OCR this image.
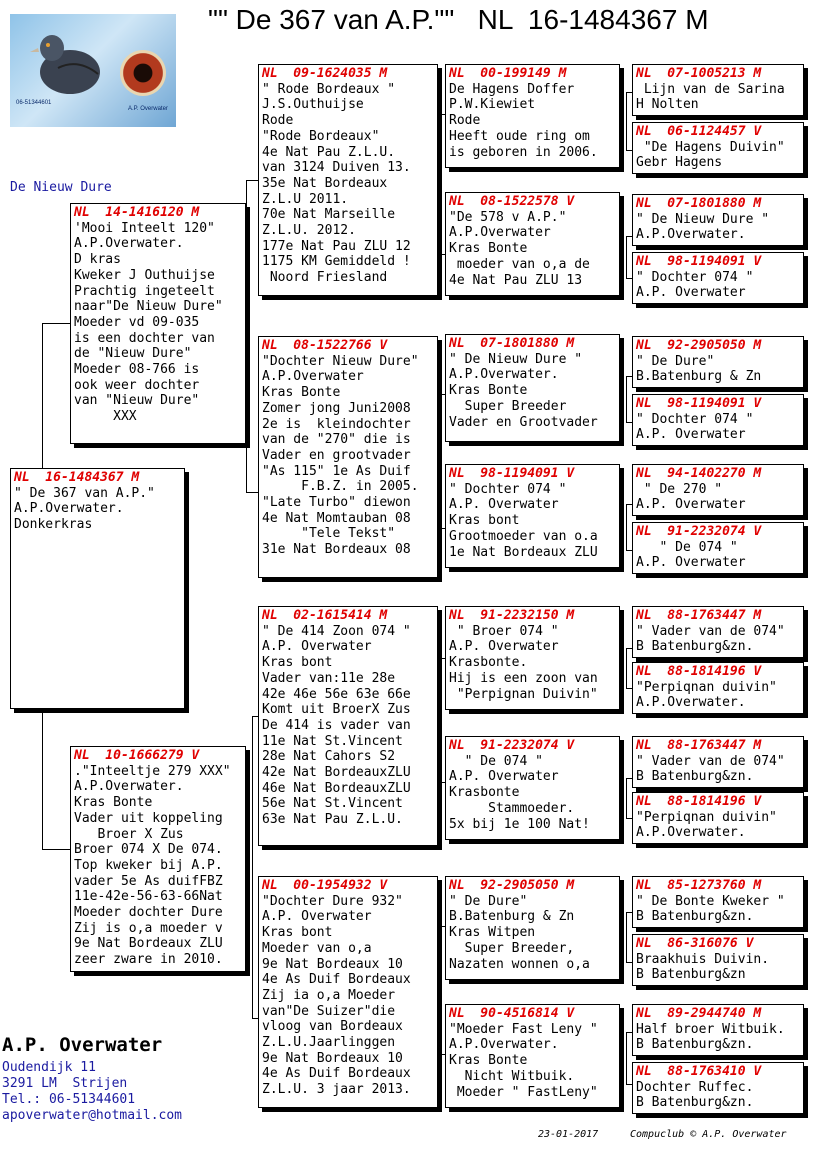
"" De 367 van A.P.""   NL  16-1484367 M
06-51344601
A.P. Overwater
De Nieuw Dure
NL  16-1484367 M
" De 367 van A.P."
A.P.Overwater.
Donkerkras
NL  14-1416120 M
'Mooi Inteelt 120"
A.P.Overwater.
D kras
Kweker J Outhuijse
Prachtig ingeteelt
naar"De Nieuw Dure"
Moeder vd 09-035
is een dochter van
de "Nieuw Dure"
Moeder 08-766 is
ook weer dochter
van "Nieuw Dure"
XXX
NL  10-1666279 V
."Inteeltje 279 XXX"
A.P.Overwater.
Kras Bonte
Vader uit koppeling
Broer X Zus
Broer 074 X De 074.
Top kweker bij A.P.
vader 5e As duifFBZ
11e-42e-56-63-66Nat
Moeder dochter Dure
Zij is o,a moeder v
9e Nat Bordeaux ZLU
zeer zware in 2010.
NL  09-1624035 M
" Rode Bordeaux "
J.S.Outhuijse
Rode
"Rode Bordeaux"
4e Nat Pau Z.L.U.
van 3124 Duiven 13.
35e Nat Bordeaux
Z.L.U 2011.
70e Nat Marseille
Z.L.U. 2012.
177e Nat Pau ZLU 12
1175 KM Gemiddeld !
Noord Friesland
NL  08-1522766 V
"Dochter Nieuw Dure"
A.P.Overwater
Kras Bonte
Zomer jong Juni2008
2e is  kleindochter
van de "270" die is
Vader en grootvader
"As 115" 1e As Duif
F.B.Z. in 2005.
"Late Turbo" diewon
4e Nat Momtauban 08
"Tele Tekst"
31e Nat Bordeaux 08
NL  02-1615414 M
" De 414 Zoon 074 "
A.P. Overwater
Kras bont
Vader van:11e 28e
42e 46e 56e 63e 66e
Komt uit BroerX Zus
De 414 is vader van
11e Nat St.Vincent
28e Nat Cahors S2
42e Nat BordeauxZLU
46e Nat BordeauxZLU
56e Nat St.Vincent
63e Nat Pau Z.L.U.
NL  00-1954932 V
"Dochter Dure 932"
A.P. Overwater
Kras bont
Moeder van o,a
9e Nat Bordeaux 10
4e As Duif Bordeaux
Zij ia o,a Moeder
van"De Suizer"die
vloog van Bordeaux
Z.L.U.Jaarlinggen
9e Nat Bordeaux 10
4e As Duif Bordeaux
Z.L.U. 3 jaar 2013.
NL  00-199149 M
De Hagens Doffer
P.W.Kiewiet
Rode
Heeft oude ring om
is geboren in 2006.
NL  08-1522578 V
"De 578 v A.P."
A.P.Overwater
Kras Bonte
moeder van o,a de
4e Nat Pau ZLU 13
NL  07-1801880 M
" De Nieuw Dure "
A.P.Overwater.
Kras Bonte
Super Breeder
Vader en Grootvader
NL  98-1194091 V
" Dochter 074 "
A.P. Overwater
Kras bont
Grootmoeder van o.a
1e Nat Bordeaux ZLU
NL  91-2232150 M
" Broer 074 "
A.P. Overwater
Krasbonte.
Hij is een zoon van
"Perpignan Duivin"
NL  91-2232074 V
" De 074 "
A.P. Overwater
Krasbonte
Stammoeder.
5x bij 1e 100 Nat!
NL  92-2905050 M
" De Dure"
B.Batenburg & Zn
Kras Witpen
Super Breeder,
Nazaten wonnen o,a
NL  90-4516814 V
"Moeder Fast Leny "
A.P.Overwater.
Kras Bonte
Nicht Witbuik.
Moeder " FastLeny"
NL  07-1005213 M
Lijn van de Sarina
H Nolten
NL  06-1124457 V
"De Hagens Duivin"
Gebr Hagens
NL  07-1801880 M
" De Nieuw Dure "
A.P.Overwater.
NL  98-1194091 V
" Dochter 074 "
A.P. Overwater
NL  92-2905050 M
" De Dure"
B.Batenburg & Zn
NL  98-1194091 V
" Dochter 074 "
A.P. Overwater
NL  94-1402270 M
" De 270 "
A.P. Overwater
NL  91-2232074 V
" De 074 "
A.P. Overwater
NL  88-1763447 M
" Vader van de 074"
B Batenburg&zn.
NL  88-1814196 V
"Perpiqnan duivin"
A.P.Overwater.
NL  88-1763447 M
" Vader van de 074"
B Batenburg&zn.
NL  88-1814196 V
"Perpiqnan duivin"
A.P.Overwater.
NL  85-1273760 M
" De Bonte Kweker "
B Batenburg&zn.
NL  86-316076 V
Braakhuis Duivin.
B Batenburg&zn
NL  89-2944740 M
Half broer Witbuik.
B Batenburg&zn.
NL  88-1763410 V
Dochter Ruffec.
B Batenburg&zn.
A.P. Overwater
Oudendijk 11
3291 LM  Strijen
Tel.: 06-51344601
apoverwater@hotmail.com
23-01-2017	Compuclub © A.P. Overwater
